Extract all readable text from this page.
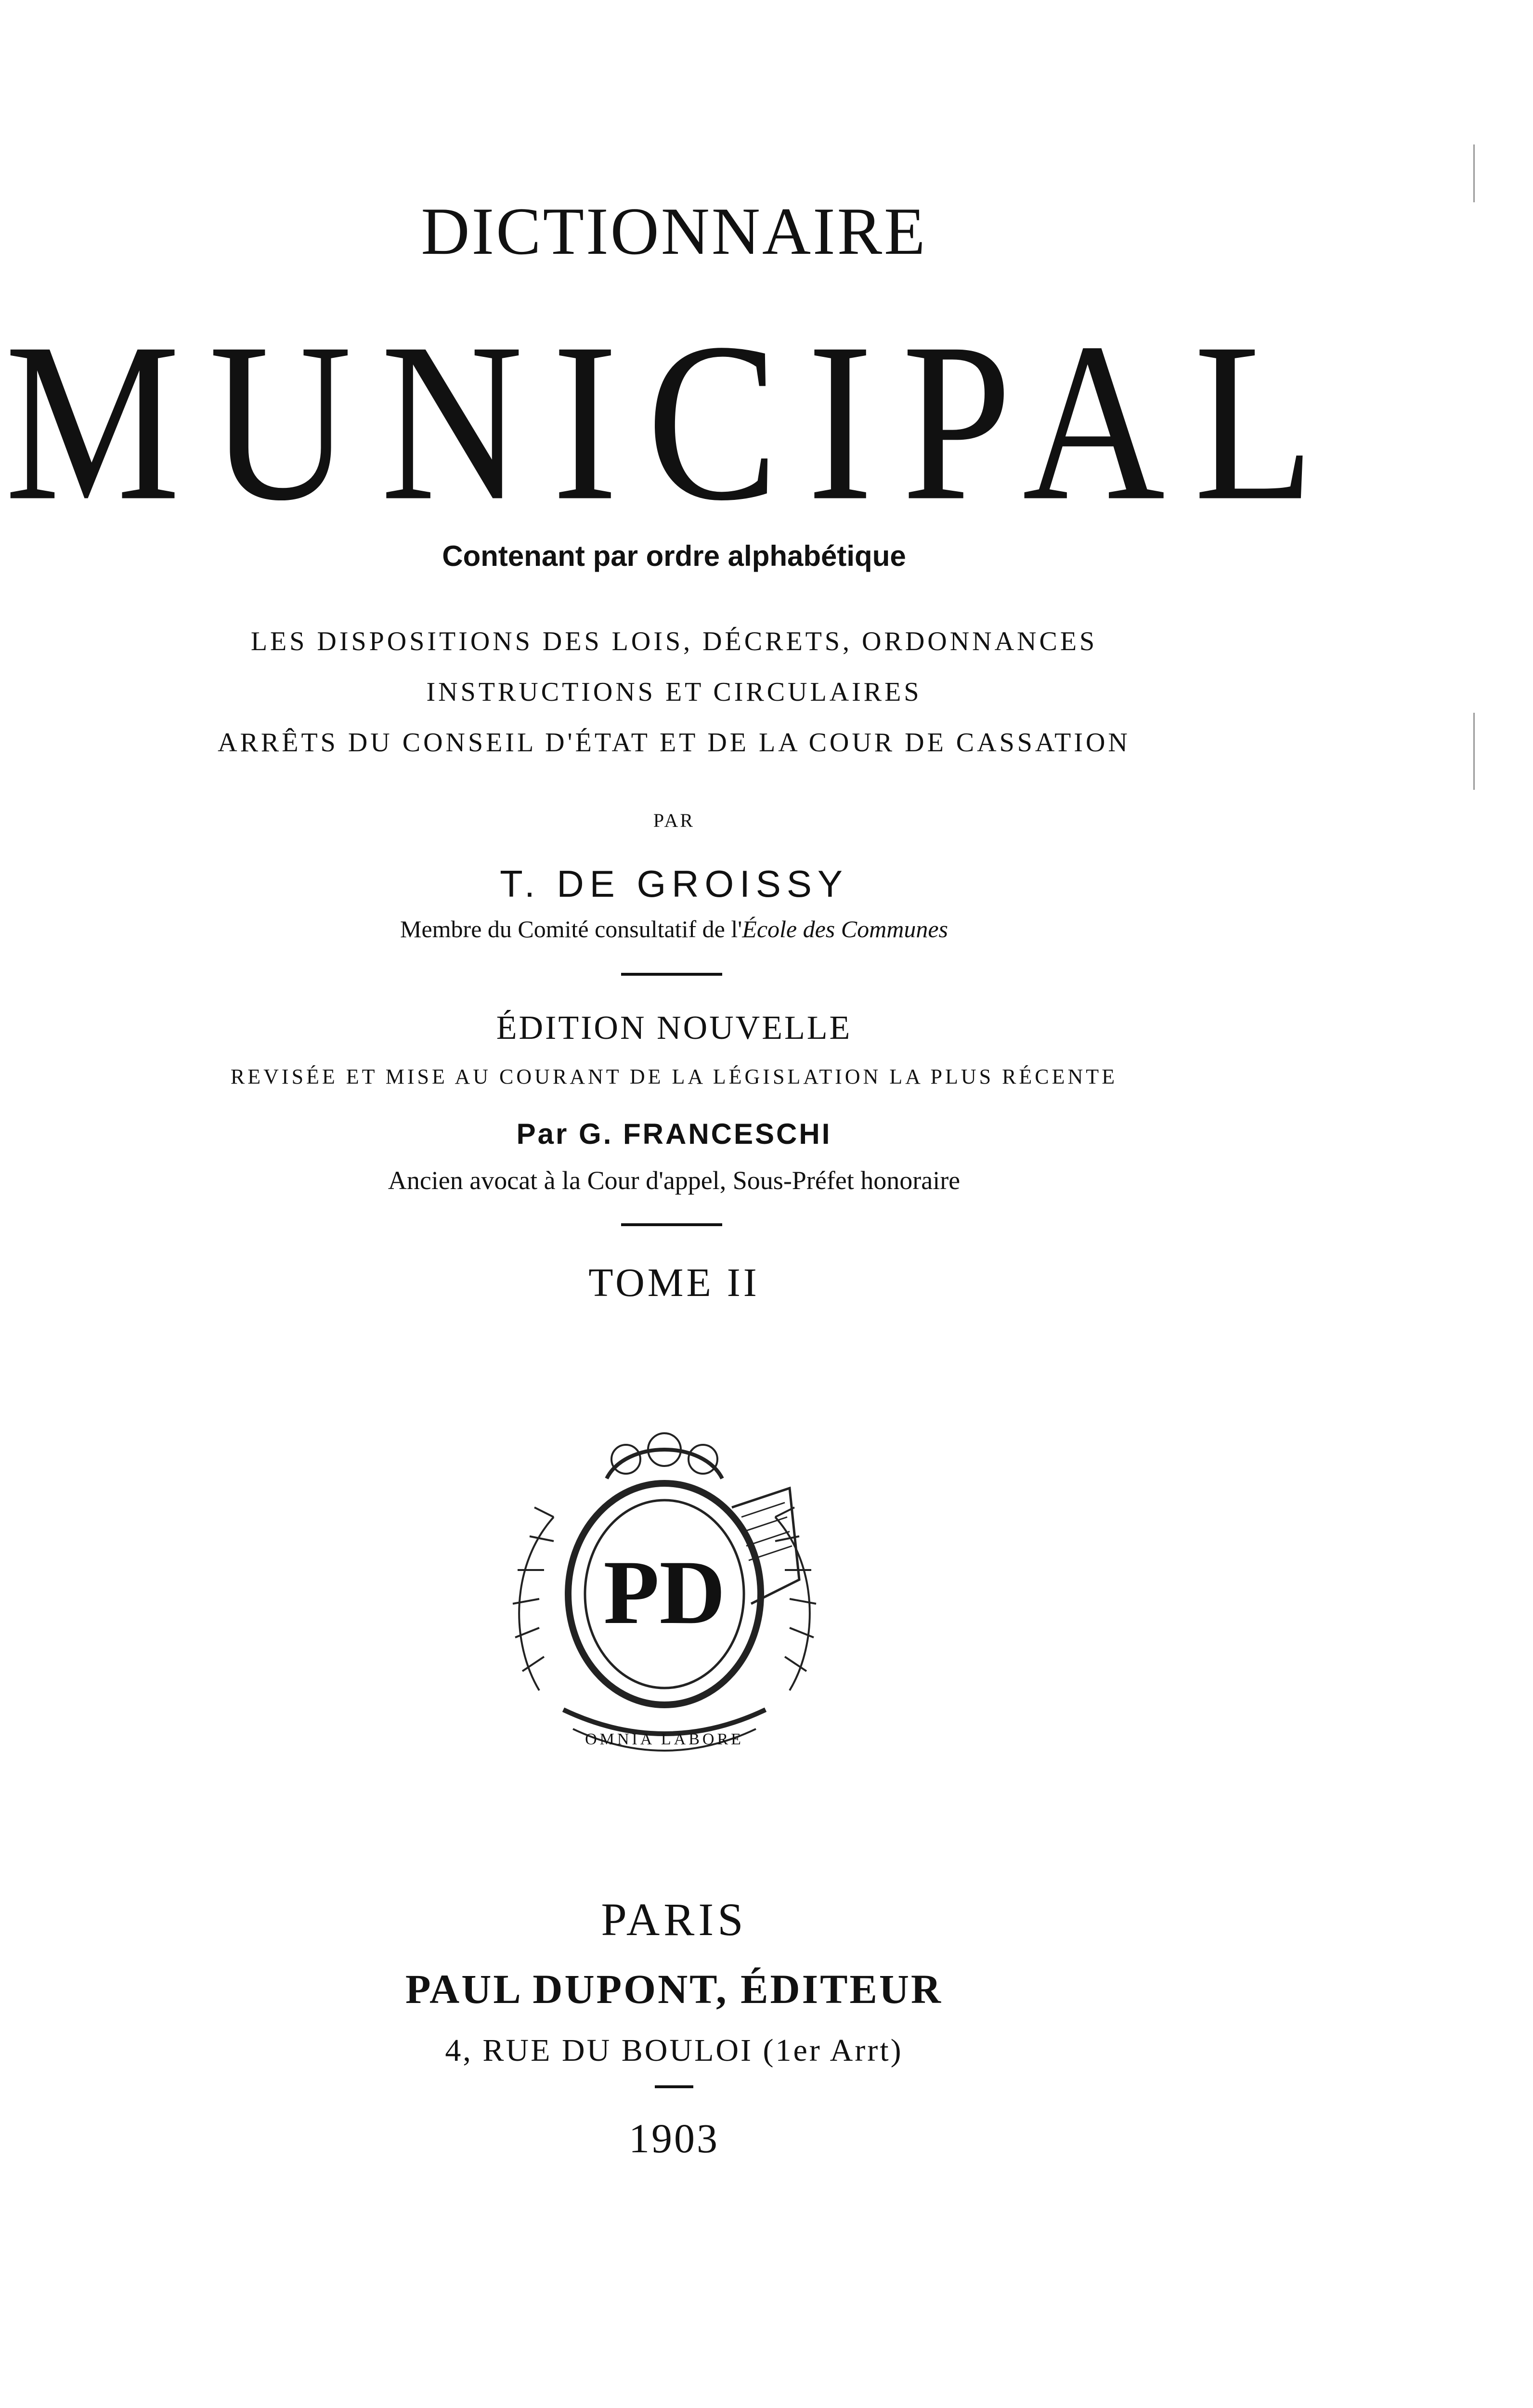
DICTIONNAIRE
MUNICIPAL
Contenant par ordre alphabétique
LES DISPOSITIONS DES LOIS, DÉCRETS, ORDONNANCES
INSTRUCTIONS ET CIRCULAIRES
ARRÊTS DU CONSEIL D'ÉTAT ET DE LA COUR DE CASSATION
PAR
T. DE GROISSY
Membre du Comité consultatif de l'École des Communes
ÉDITION NOUVELLE
REVISÉE ET MISE AU COURANT DE LA LÉGISLATION LA PLUS RÉCENTE
Par G. FRANCESCHI
Ancien avocat à la Cour d'appel, Sous-Préfet honoraire
TOME II
PD
OMNIA LABORE
PARIS
PAUL DUPONT, ÉDITEUR
4, RUE DU BOULOI (1er Arrt)
1903
